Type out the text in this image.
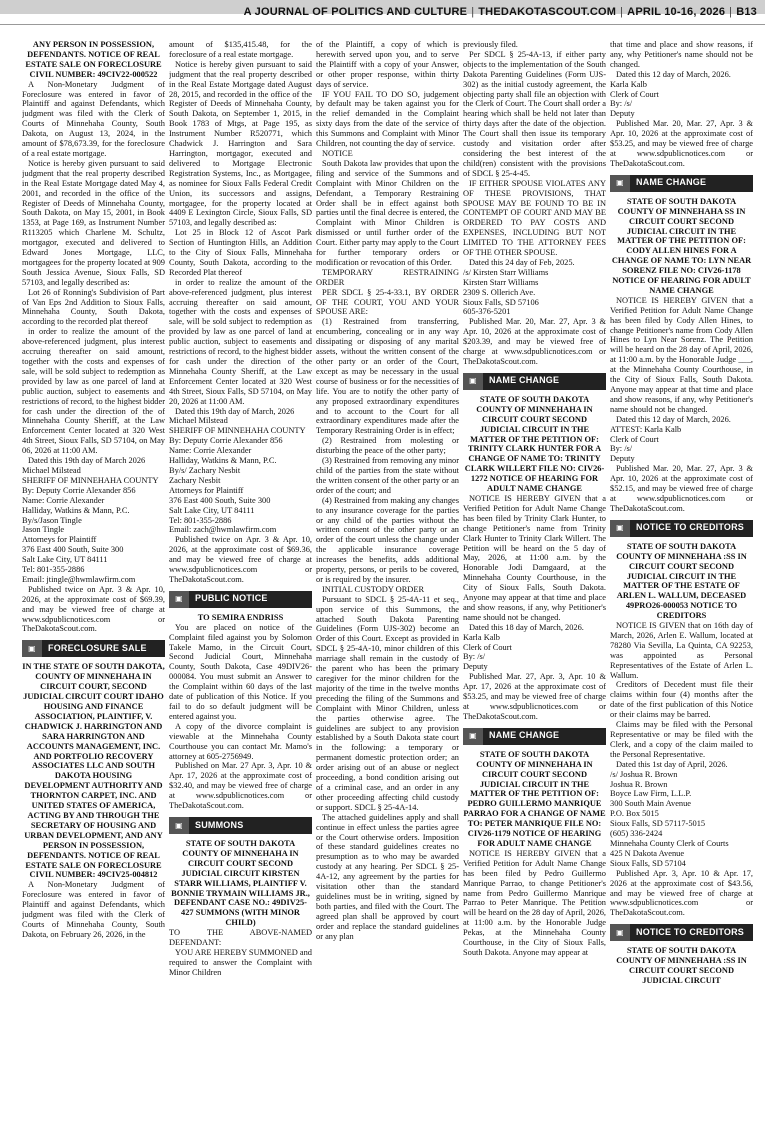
A JOURNAL OF POLITICS AND CULTURE | THEDAKOTASCOUT.COM | APRIL 10-16, 2026 | B13

ANY PERSON IN POSSESSION, DEFENDANTS. NOTICE OF REAL ESTATE SALE ON FORECLOSURE CIVIL NUMBER: 49CIV22-000522

A Non-Monetary Judgment of Foreclosure was entered in favor of Plaintiff and against Defendants, which judgment was filed with the Clerk of Courts of Minnehaha County, South Dakota, on August 13, 2024, in the amount of $78,673.39, for the foreclosure of a real estate mortgage.

Notice is hereby given pursuant to said judgment that the real property described in the Real Estate Mortgage dated May 4, 2001, and recorded in the office of the Register of Deeds of Minnehaha County, South Dakota, on May 15, 2001, in Book 1353, at Page 169, as Instrument Number R113205 which Charlene M. Schultz, mortgagor, executed and delivered to Edward Jones Mortgage, LLC, mortgagees for the property located at 909 South Jessica Avenue, Sioux Falls, SD 57103, and legally described as:

Lot 26 of Ronning's Subdivision of Part of Van Eps 2nd Addition to Sioux Falls, Minnehaha County, South Dakota, according to the recorded plat thereof

in order to realize the amount of the above-referenced judgment, plus interest accruing thereafter on said amount, together with the costs and expenses of sale, will be sold subject to redemption as provided by law as one parcel of land at public auction, subject to easements and restrictions of record, to the highest bidder for cash under the direction of the of Minnehaha County Sheriff, at the Law Enforcement Center located at 320 West 4th Street, Sioux Falls, SD 57104, on May 06, 2026 at 11:00 AM.

Dated this 19th day of March 2026

Michael Milstead

SHERIFF OF MINNEHAHA COUNTY

By: Deputy Corrie Alexander 856

Name: Corrie Alexander

Halliday, Watkins & Mann, P.C.

By/s/Jason Tingle

Jason Tingle

Attorneys for Plaintiff

376 East 400 South, Suite 300

Salt Lake City, UT 84111

Tel: 801-355-2886

Email: jtingle@hwmlawfirm.com

Published twice on Apr. 3 & Apr. 10, 2026, at the approximate cost of $69.39, and may be viewed free of charge at www.sdpublicnotices.com or TheDakotaScout.com.

▣	FORECLOSURE SALE

IN THE STATE OF SOUTH DAKOTA, COUNTY OF MINNEHAHA IN CIRCUIT COURT, SECOND JUDICIAL CIRCUIT COURT IDAHO HOUSING AND FINANCE ASSOCIATION, PLAINTIFF, V. CHADWICK J. HARRINGTON AND SARA HARRINGTON AND ACCOUNTS MANAGEMENT, INC. AND PORTFOLIO RECOVERY ASSOCIATES LLC AND SOUTH DAKOTA HOUSING DEVELOPMENT AUTHORITY AND THORNTON CARPET, INC. AND UNITED STATES OF AMERICA, ACTING BY AND THROUGH THE SECRETARY OF HOUSING AND URBAN DEVELOPMENT, AND ANY PERSON IN POSSESSION, DEFENDANTS. NOTICE OF REAL ESTATE SALE ON FORECLOSURE CIVIL NUMBER: 49CIV25-004812

A Non-Monetary Judgment of Foreclosure was entered in favor of Plaintiff and against Defendants, which judgment was filed with the Clerk of Courts of Minnehaha County, South Dakota, on February 26, 2026, in the

amount of $135,415.48, for the foreclosure of a real estate mortgage.

Notice is hereby given pursuant to said judgment that the real property described in the Real Estate Mortgage dated August 28, 2015, and recorded in the office of the Register of Deeds of Minnehaha County, South Dakota, on September 1, 2015, in Book 1783 of Mtgs, at Page 195, as Instrument Number R520771, which Chadwick J. Harrington and Sara Harrington, mortgagor, executed and delivered to Mortgage Electronic Registration Systems, Inc., as Mortgagee, as nominee for Sioux Falls Federal Credit Union, its successors and assigns, mortgagee, for the property located at 4409 E Lexington Circle, Sioux Falls, SD 57103, and legally described as:

Lot 25 in Block 12 of Ascot Park Section of Huntington Hills, an Addition to the City of Sioux Falls, Minnehaha County, South Dakota, according to the Recorded Plat thereof

in order to realize the amount of the above-referenced judgment, plus interest accruing thereafter on said amount, together with the costs and expenses of sale, will be sold subject to redemption as provided by law as one parcel of land at public auction, subject to easements and restrictions of record, to the highest bidder for cash under the direction of the Minnehaha County Sheriff, at the Law Enforcement Center located at 320 West 4th Street, Sioux Falls, SD 57104, on May 20, 2026 at 11:00 AM.

Dated this 19th day of March, 2026

Michael Milstead

SHERIFF OF MINNEHAHA COUNTY

By: Deputy Corrie Alexander 856

Name: Corrie Alexander

Halliday, Watkins & Mann, P.C.

By/s/ Zachary Nesbit

Zachary Nesbit

Attorneys for Plaintiff

376 East 400 South, Suite 300

Salt Lake City, UT 84111

Tel: 801-355-2886

Email: zach@hwmlawfirm.com

Published twice on Apr. 3 & Apr. 10, 2026, at the approximate cost of $69.36, and may be viewed free of charge at www.sdpublicnotices.com or TheDakotaScout.com.

▣	PUBLIC NOTICE

TO SEMIRA ENDRISS

You are placed on notice of the Complaint filed against you by Solomon Takele Mamo, in the Circuit Court, Second Judicial Court, Minnehaha County, South Dakota, Case 49DIV26-000084. You must submit an Answer to the Complaint within 60 days of the last date of publication of this Notice. If you fail to do so default judgment will be entered against you.

A copy of the divorce complaint is viewable at the Minnehaha County Courthouse you can contact Mr. Mamo's attorney at 605-2756949.

Published on Mar. 27 Apr. 3, Apr. 10 & Apr. 17, 2026 at the approximate cost of $32.40, and may be viewed free of charge at www.sdpublicnotices.com or TheDakotaScout.com.

▣	SUMMONS

STATE OF SOUTH DAKOTA COUNTY OF MINNEHAHA IN CIRCUIT COURT SECOND JUDICIAL CIRCUIT KIRSTEN STARR WILLIAMS, PLAINTIFF V. BONNIE TRYMAIN WILLIAMS JR., DEFENDANT CASE NO.: 49DIV25-427 SUMMONS (WITH MINOR CHILD)

TO THE ABOVE-NAMED DEFENDANT:

YOU ARE HEREBY SUMMONED and required to answer the Complaint with Minor Children

of the Plaintiff, a copy of which is herewith served upon you, and to serve the Plaintiff with a copy of your Answer, or other proper response, within thirty days of service.

IF YOU FAIL TO DO SO, judgement by default may be taken against you for the relief demanded in the Complaint sixty days from the date of the service of this Summons and Complaint with Minor Children, not counting the day of service.

NOTICE

South Dakota law provides that upon the filing and service of the Summons and Complaint with Minor Children on the Defendant, a Temporary Restraining Order shall be in effect against both parties until the final decree is entered, the Complaint with Minor Children is dismissed or until further order of the Court. Either party may apply to the Court for further temporary orders or modification or revocation of this Order.

TEMPORARY RESTRAINING ORDER

PER SDCL § 25-4-33.1, BY ORDER OF THE COURT, YOU AND YOUR SPOUSE ARE:

(1) Restrained from transferring, encumbering, concealing or in any way dissipating or disposing of any marital assets, without the written consent of the other party or an order of the Court, except as may be necessary in the usual course of business or for the necessities of life. You are to notify the other party of any proposed extraordinary expenditures and to account to the Court for all extraordinary expenditures made after the Temporary Restraining Order is in effect;

(2) Restrained from molesting or disturbing the peace of the other party;

(3) Restrained from removing any minor child of the parties from the state without the written consent of the other party or an order of the court; and

(4) Restrained from making any changes to any insurance coverage for the parties or any child of the parties without the written consent of the other party or an order of the court unless the change under the applicable insurance coverage increases the benefits, adds additional property, persons, or perils to be covered, or is required by the insurer.

INITIAL CUSTODY ORDER

Pursuant to SDCL § 25-4A-11 et seq., upon service of this Summons, the attached South Dakota Parenting Guidelines (Form UJS-302) become an Order of this Court. Except as provided in SDCL § 25-4A-10, minor children of this marriage shall remain in the custody of the parent who has been the primary caregiver for the minor children for the majority of the time in the twelve months preceding the filing of the Summons and Complaint with Minor Children, unless the parties otherwise agree. The guidelines are subject to any provision established by a South Dakota state court in the following: a temporary or permanent domestic protection order; an order arising out of an abuse or neglect proceeding, a bond condition arising out of a criminal case, and an order in any other proceeding affecting child custody or support. SDCL § 25-4A-14.

The attached guidelines apply and shall continue in effect unless the parties agree or the Court otherwise orders. Imposition of these standard guidelines creates no presumption as to who may be awarded custody at any hearing. Per SDCL § 25-4A-12, any agreement by the parties for visitation other than the standard guidelines must be in writing, signed by both parties, and filed with the Court. The agreed plan shall be approved by court order and replace the standard guidelines or any plan

previously filed.

Per SDCL § 25-4A-13, if either party objects to the implementation of the South Dakota Parenting Guidelines (Form UJS-302) as the initial custody agreement, the objecting party shall file an objection with the Clerk of Court. The Court shall order a hearing which shall be held not later than thirty days after the date of the objection. The Court shall then issue its temporary custody and visitation order after considering the best interest of the child(ren) consistent with the provisions of SDCL § 25-4-45.

IF EITHER SPOUSE VIOLATES ANY OF THESE PROVISIONS, THAT SPOUSE MAY BE FOUND TO BE IN CONTEMPT OF COURT AND MAY BE ORDERED TO PAY COSTS AND EXPENSES, INCLUDING BUT NOT LIMITED TO THE ATTORNEY FEES OF THE OTHER SPOUSE.

Dated this 24 day of Feb, 2025.

/s/ Kirsten Starr Williams

Kirsten Starr Williams

2309 S. Ollerich Ave.

Sioux Falls, SD 57106

605-376-5201

Published Mar. 20, Mar. 27, Apr. 3 & Apr. 10, 2026 at the approximate cost of $203.39, and may be viewed free of charge at www.sdpublicnotices.com or TheDakotaScout.com.

▣	NAME CHANGE

STATE OF SOUTH DAKOTA COUNTY OF MINNEHAHA IN CIRCUIT COURT SECOND JUDICIAL CIRCUIT IN THE MATTER OF THE PETITION OF: TRINITY CLARK HUNTER FOR A CHANGE OF NAME TO: TRINITY CLARK WILLERT FILE NO: CIV26-1272 NOTICE OF HEARING FOR ADULT NAME CHANGE

NOTICE IS HEREBY GIVEN that a Verified Petition for Adult Name Change has been filed by Trinity Clark Hunter, to change Petitioner's name from Trinity Clark Hunter to Trinity Clark Willert. The Petition will be heard on the 5 day of May, 2026, at 11:00 a.m. by the Honorable Jodi Damgaard, at the Minnehaha County Courthouse, in the City of Sioux Falls, South Dakota. Anyone may appear at that time and place and show reasons, if any, why Petitioner's name should not be changed.

Dated this 18 day of March, 2026.

Karla Kalb

Clerk of Court

By: /s/

Deputy

Published Mar. 27, Apr. 3, Apr. 10 & Apr. 17, 2026 at the approximate cost of $53.25, and may be viewed free of charge at www.sdpublicnotices.com or TheDakotaScout.com.

▣	NAME CHANGE

STATE OF SOUTH DAKOTA COUNTY OF MINNEHAHA IN CIRCUIT COURT SECOND JUDICIAL CIRCUIT IN THE MATTER OF THE PETITION OF: PEDRO GUILLERMO MANRIQUE PARRAO FOR A CHANGE OF NAME TO: PETER MANRIQUE FILE NO: CIV26-1179 NOTICE OF HEARING FOR ADULT NAME CHANGE

NOTICE IS HEREBY GIVEN that a Verified Petition for Adult Name Change has been filed by Pedro Guillermo Manrique Parrao, to change Petitioner's name from Pedro Guillermo Manrique Parrao to Peter Manrique. The Petition will be heard on the 28 day of April, 2026, at 11:00 a.m. by the Honorable Judge Pekas, at the Minnehaha County Courthouse, in the City of Sioux Falls, South Dakota. Anyone may appear at

that time and place and show reasons, if any, why Petitioner's name should not be changed.

Dated this 12 day of March, 2026.

Karla Kalb

Clerk of Court

By: /s/

Deputy

Published Mar. 20, Mar. 27, Apr. 3 & Apr. 10, 2026 at the approximate cost of $53.25, and may be viewed free of charge at www.sdpublicnotices.com or TheDakotaScout.com.

▣	NAME CHANGE

STATE OF SOUTH DAKOTA COUNTY OF MINNEHAHA SS IN CIRCUIT COURT SECOND JUDICIAL CIRCUIT IN THE MATTER OF THE PETITION OF: CODY ALLEN HINES FOR A CHANGE OF NAME TO: LYN NEAR SORENZ FILE NO: CIV26-1178 NOTICE OF HEARING FOR ADULT NAME CHANGE

NOTICE IS HEREBY GIVEN that a Verified Petition for Adult Name Change has been filed by Cody Allen Hines, to change Petitioner's name from Cody Allen Hines to Lyn Near Sorenz. The Petition will be heard on the 28 day of April, 2026, at 11:00 a.m. by the Honorable Judge ___, at the Minnehaha County Courthouse, in the City of Sioux Falls, South Dakota. Anyone may appear at that time and place and show reasons, if any, why Petitioner's name should not be changed.

Dated this 12 day of March, 2026.

ATTEST: Karla Kalb

Clerk of Court

By: /s/

Deputy

Published Mar. 20, Mar. 27, Apr. 3 & Apr. 10, 2026 at the approximate cost of $52.15, and may be viewed free of charge at www.sdpublicnotices.com or TheDakotaScout.com.

▣	NOTICE TO CREDITORS

STATE OF SOUTH DAKOTA COUNTY OF MINNEHAHA :SS IN CIRCUIT COURT SECOND JUDICIAL CIRCUIT IN THE MATTER OF THE ESTATE OF ARLEN L. WALLUM, DECEASED 49PRO26-000053 NOTICE TO CREDITORS

NOTICE IS GIVEN that on 16th day of March, 2026, Arlen E. Wallum, located at 78280 Via Sevilla, La Quinta, CA 92253, was appointed as Personal Representatives of the Estate of Arlen L. Wallum.

Creditors of Decedent must file their claims within four (4) months after the date of the first publication of this Notice or their claims may be barred.

Claims may be filed with the Personal Representative or may be filed with the Clerk, and a copy of the claim mailed to the Personal Representative.

Dated this 1st day of April, 2026.

/s/ Joshua R. Brown

Joshua R. Brown

Boyce Law Firm, L.L.P.

300 South Main Avenue

P.O. Box 5015

Sioux Falls, SD 57117-5015

(605) 336-2424

Minnehaha County Clerk of Courts

425 N Dakota Avenue

Sioux Falls, SD 57104

Published Apr. 3, Apr. 10 & Apr. 17, 2026 at the approximate cost of $43.56, and may be viewed free of charge at www.sdpublicnotices.com or TheDakotaScout.com.

▣	NOTICE TO CREDITORS

STATE OF SOUTH DAKOTA COUNTY OF MINNEHAHA :SS IN CIRCUIT COURT SECOND JUDICIAL CIRCUIT
